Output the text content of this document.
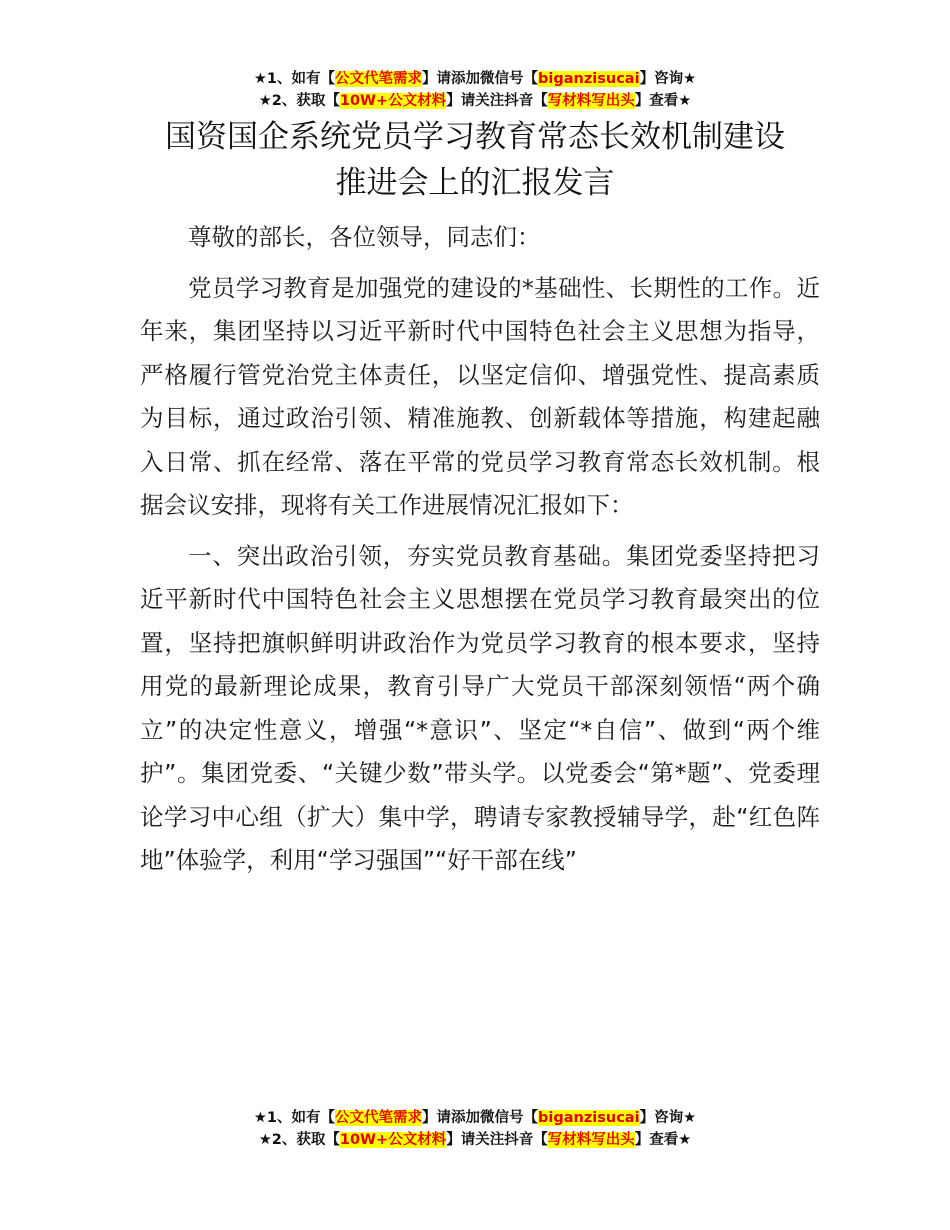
★1、如有【公文代笔需求】请添加微信号【biganzisucai】咨询★
★2、获取【10W+公文材料】请关注抖音【写材料写出头】查看★
国资国企系统党员学习教育常态长效机制建设
推进会上的汇报发言

尊敬的部长，各位领导，同志们：

党员学习教育是加强党的建设的*基础性、长期性的工作。近年来，集团坚持以习近平新时代中国特色社会主义思想为指导，严格履行管党治党主体责任，以坚定信仰、增强党性、提高素质为目标，通过政治引领、精准施教、创新载体等措施，构建起融入日常、抓在经常、落在平常的党员学习教育常态长效机制。根据会议安排，现将有关工作进展情况汇报如下：

一、突出政治引领，夯实党员教育基础。集团党委坚持把习近平新时代中国特色社会主义思想摆在党员学习教育最突出的位置，坚持把旗帜鲜明讲政治作为党员学习教育的根本要求，坚持用党的最新理论成果，教育引导广大党员干部深刻领悟“两个确立”的决定性意义，增强“*意识”、坚定“*自信”、做到“两个维护”。集团党委、“关键少数”带头学。以党委会“第*题”、党委理论学习中心组（扩大）集中学，聘请专家教授辅导学，赴“红色阵地”体验学，利用“学习强国”“好干部在线”

★1、如有【公文代笔需求】请添加微信号【biganzisucai】咨询★
★2、获取【10W+公文材料】请关注抖音【写材料写出头】查看★
